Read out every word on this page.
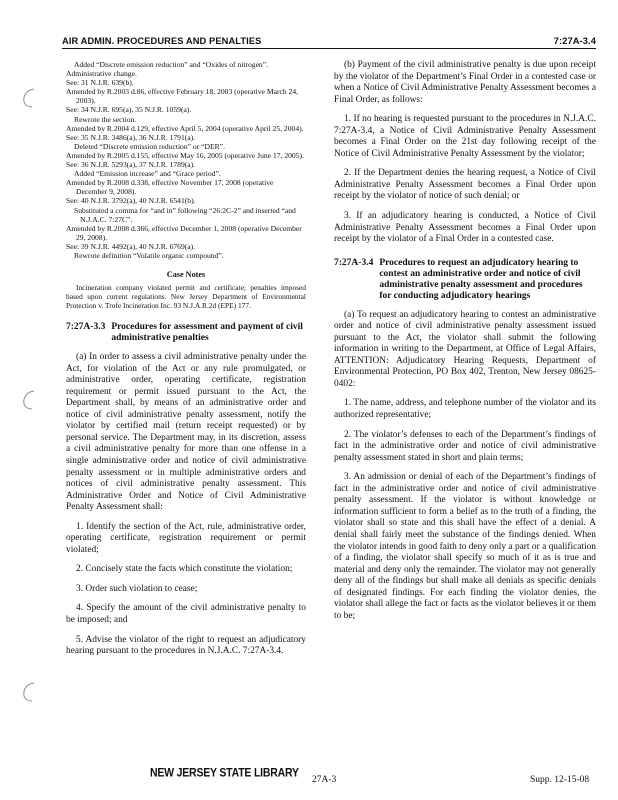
AIR ADMIN. PROCEDURES AND PENALTIES	7:27A-3.4

Added “Discrete emission reduction” and “Oxides of nitrogen”.

Administrative change.

See: 31 N.J.R. 639(b).

Amended by R.2003 d.86, effective February 18, 2003 (operative March 24, 2003).

See: 34 N.J.R. 695(a), 35 N.J.R. 1059(a).

Rewrote the section.

Amended by R.2004 d.129, effective April 5, 2004 (operative April 25, 2004).

See: 35 N.J.R. 3486(a), 36 N.J.R. 1791(a).

Deleted “Discrete emission reduction” or “DER”.

Amended by R.2005 d.155, effective May 16, 2005 (operative June 17, 2005).

See: 36 N.J.R. 5293(a), 37 N.J.R. 1789(a).

Added “Emission increase” and “Grace period”.

Amended by R.2008 d.338, effective November 17, 2008 (operative December 9, 2008).

See: 40 N.J.R. 3792(a), 40 N.J.R. 6541(b).

Substituted a comma for “and in” following “26:2C-2” and inserted “and N.J.A.C. 7:27C”.

Amended by R.2008 d.366, effective December 1, 2008 (operative December 29, 2008).

See: 39 N.J.R. 4492(a), 40 N.J.R. 6769(a).

Rewrote definition “Volatile organic compound”.

Case Notes

Incineration company violated permit and certificate; penalties imposed based upon current regulations. New Jersey Department of Environmental Protection v. Trofe Incineration Inc. 93 N.J.A.R.2d (EPE) 177.

7:27A-3.3 Procedures for assessment and payment of civil administrative penalties

(a) In order to assess a civil administrative penalty under the Act, for violation of the Act or any rule promulgated, or administrative order, operating certificate, registration requirement or permit issued pursuant to the Act, the Department shall, by means of an administrative order and notice of civil administrative penalty assessment, notify the violator by certified mail (return receipt requested) or by personal service. The Department may, in its discretion, assess a civil administrative penalty for more than one offense in a single administrative order and notice of civil administrative penalty assessment or in multiple administrative orders and notices of civil administrative penalty assessment. This Administrative Order and Notice of Civil Administrative Penalty Assessment shall:

1. Identify the section of the Act, rule, administrative order, operating certificate, registration requirement or permit violated;

2. Concisely state the facts which constitute the violation;

3. Order such violation to cease;

4. Specify the amount of the civil administrative penalty to be imposed; and

5. Advise the violator of the right to request an adjudicatory hearing pursuant to the procedures in N.J.A.C. 7:27A-3.4.

(b) Payment of the civil administrative penalty is due upon receipt by the violator of the Department’s Final Order in a contested case or when a Notice of Civil Administrative Penalty Assessment becomes a Final Order, as follows:

1. If no hearing is requested pursuant to the procedures in N.J.A.C. 7:27A-3.4, a Notice of Civil Administrative Penalty Assessment becomes a Final Order on the 21st day following receipt of the Notice of Civil Administrative Penalty Assessment by the violator;

2. If the Department denies the hearing request, a Notice of Civil Administrative Penalty Assessment becomes a Final Order upon receipt by the violator of notice of such denial; or

3. If an adjudicatory hearing is conducted, a Notice of Civil Administrative Penalty Assessment becomes a Final Order upon receipt by the violator of a Final Order in a contested case.

7:27A-3.4 Procedures to request an adjudicatory hearing to contest an administrative order and notice of civil administrative penalty assessment and procedures for conducting adjudicatory hearings

(a) To request an adjudicatory hearing to contest an administrative order and notice of civil administrative penalty assessment issued pursuant to the Act, the violator shall submit the following information in writing to the Department, at Office of Legal Affairs, ATTENTION: Adjudicatory Hearing Requests, Department of Environmental Protection, PO Box 402, Trenton, New Jersey 08625-0402:

1. The name, address, and telephone number of the violator and its authorized representative;

2. The violator’s defenses to each of the Department’s findings of fact in the administrative order and notice of civil administrative penalty assessment stated in short and plain terms;

3. An admission or denial of each of the Department’s findings of fact in the administrative order and notice of civil administrative penalty assessment. If the violator is without knowledge or information sufficient to form a belief as to the truth of a finding, the violator shall so state and this shall have the effect of a denial. A denial shall fairly meet the substance of the findings denied. When the violator intends in good faith to deny only a part or a qualification of a finding, the violator shall specify so much of it as is true and material and deny only the remainder. The violator may not generally deny all of the findings but shall make all denials as specific denials of designated findings. For each finding the violator denies, the violator shall allege the fact or facts as the violator believes it or them to be;

NEW JERSEY STATE LIBRARY
27A-3	Supp. 12-15-08
